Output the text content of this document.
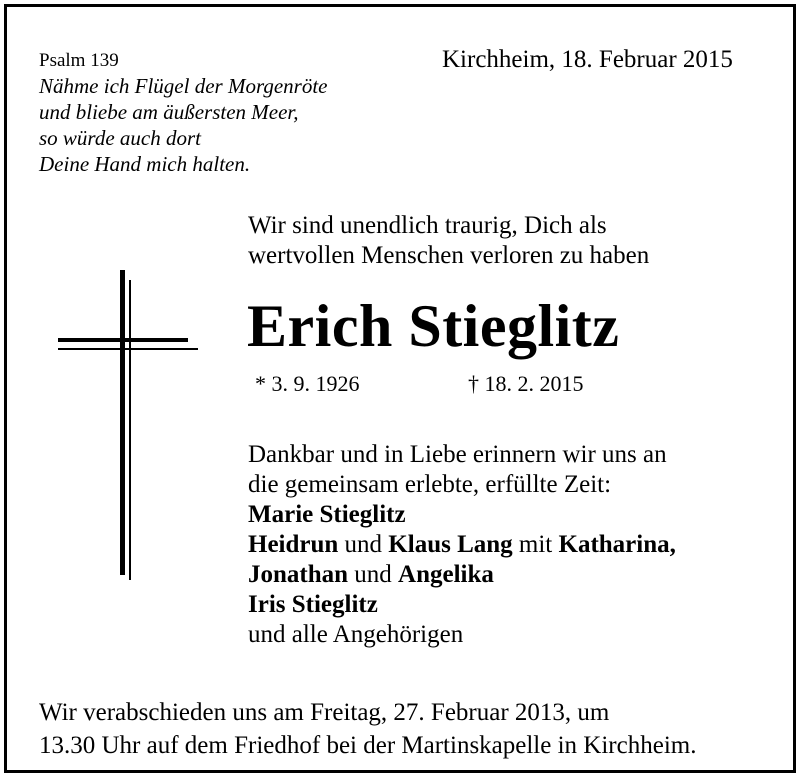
Psalm 139
Nähme ich Flügel der Morgenröte
und bliebe am äußersten Meer,
so würde auch dort
Deine Hand mich halten.
Kirchheim, 18. Februar 2015
Wir sind unendlich traurig, Dich als
wertvollen Menschen verloren zu haben
Erich Stieglitz
* 3. 9. 1926	† 18. 2. 2015
Dankbar und in Liebe erinnern wir uns an
die gemeinsam erlebte, erfüllte Zeit:
Marie Stieglitz
Heidrun und Klaus Lang mit Katharina,
Jonathan und Angelika
Iris Stieglitz
und alle Angehörigen
Wir verabschieden uns am Freitag, 27. Februar 2013, um
13.30 Uhr auf dem Friedhof bei der Martinskapelle in Kirchheim.
